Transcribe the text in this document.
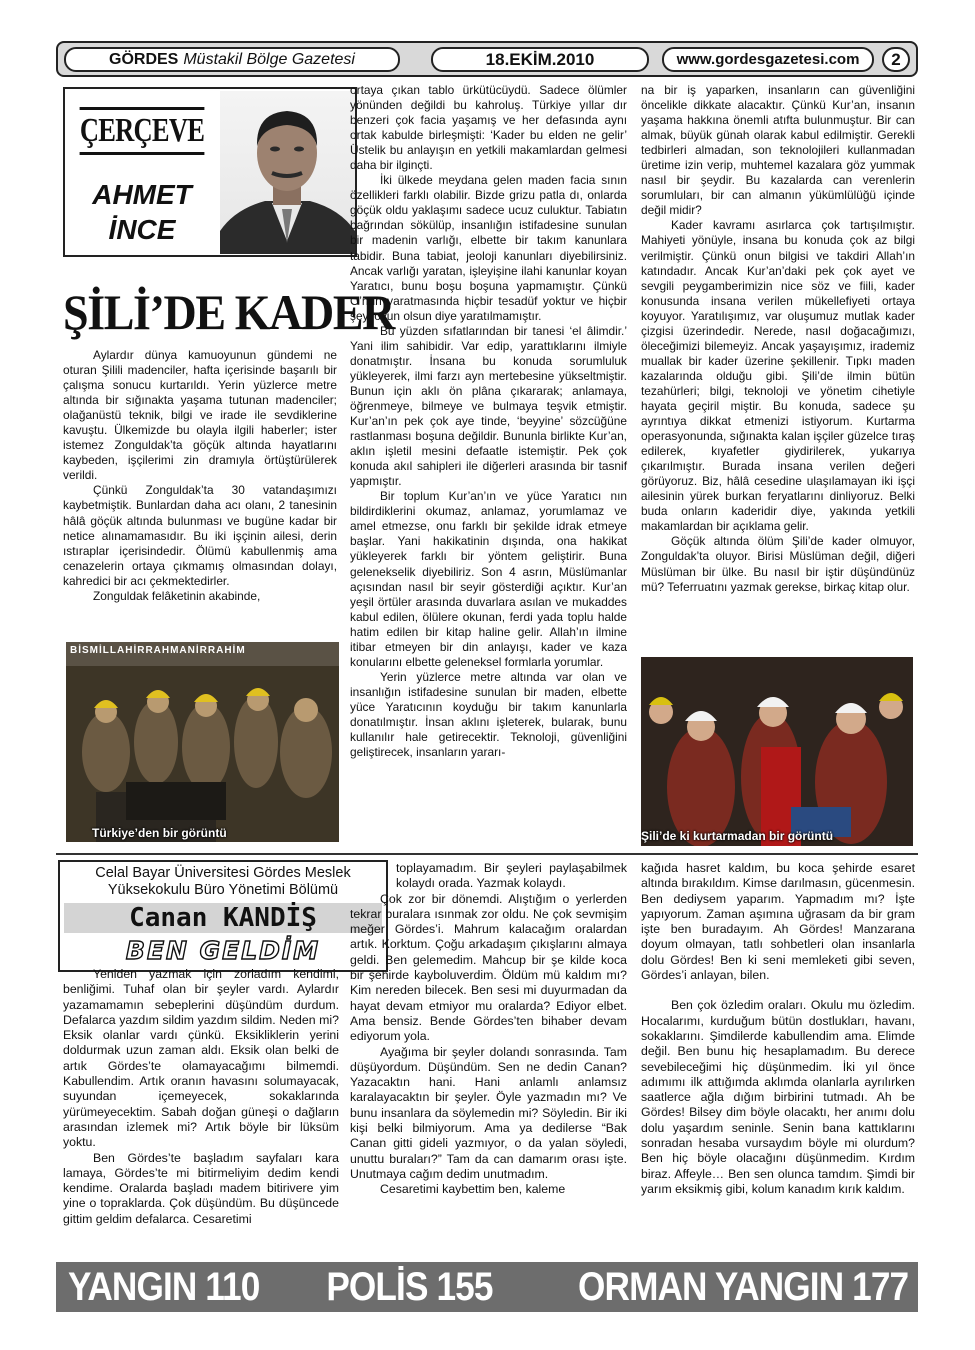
GÖRDES Müstakil Bölge Gazetesi	18.EKİM.2010	www.gordesgazetesi.com	2
ÇERÇEVE
AHMET İNCE
ŞİLİ’DE KADER

Aylardır dünya kamuoyunun gündemi ne oturan Şilili madenciler, hafta içerisinde başarılı bir çalışma sonucu kurtarıldı. Yerin yüzlerce metre altında bir sığınakta yaşama tutunan madenciler; olağanüstü teknik, bilgi ve irade ile sevdiklerine kavuştu. Ülkemizde bu olayla ilgili haberler; ister istemez Zonguldak’ta göçük altında hayatlarını kaybeden, işçilerimi zin dramıyla örtüştürülerek verildi.

Çünkü Zonguldak’ta 30 vatandaşımızı kaybetmiştik. Bunlardan daha acı olanı, 2 tanesinin hâlâ göçük altında bulunması ve bugüne kadar bir netice alınamamasıdır. Bu iki işçinin ailesi, derin ıstıraplar içerisindedir. Ölümü kabullenmiş ama cenazelerin ortaya çıkmamış olmasından dolayı, kahredici bir acı çekmektedirler.

Zonguldak felâketinin akabinde,

BİSMİLLAHİRRAHMANİRRAHİM
Türkiye’den bir görüntü

ortaya çıkan tablo ürkütücüydü. Sadece ölümler yönünden değildi bu kahroluş. Türkiye yıllar dır benzeri çok facia yaşamış ve her defasında aynı ortak kabulde birleşmişti: ‘Kader bu elden ne gelir’ Üstelik bu anlayışın en yetkili makamlardan gelmesi daha bir ilginçti.

İki ülkede meydana gelen maden facia sının özellikleri farklı olabilir. Bizde grizu patla dı, onlarda göçük oldu yaklaşımı sadece ucuz culuktur. Tabiatın bağrından sökülüp, insanlığın istifadesine sunulan bir madenin varlığı, elbette bir takım kanunlara tabidir. Buna tabiat, jeoloji kanunları diyebilirsiniz. Ancak varlığı yaratan, işleyişine ilahi kanunlar koyan Yaratıcı, bunu boşu boşuna yapmamıştır. Çünkü O’nun yaratmasında hiçbir tesadüf yoktur ve hiçbir şey, oyun olsun diye yaratılmamıştır.

Bu yüzden sıfatlarından bir tanesi ‘el âlimdir.’ Yani ilim sahibidir. Var edip, yarattıklarını ilmiyle donatmıştır. İnsana bu konuda sorumluluk yükleyerek, ilmi farzı ayn mertebesine yükseltmiştir. Bunun için aklı ön plâna çıkararak; anlamaya, öğrenmeye, bilmeye ve bulmaya teşvik etmiştir. Kur’an’ın pek çok aye tinde, ‘beyyine’ sözcüğüne rastlanması boşuna değildir. Bununla birlikte Kur’an, aklın işletil mesini defaatle istemiştir. Pek çok konuda akıl sahipleri ile diğerleri arasında bir tasnif yapmıştır.

Bir toplum Kur’an’ın ve yüce Yaratıcı nın bildirdiklerini okumaz, anlamaz, yorumlamaz ve amel etmezse, onu farklı bir şekilde idrak etmeye başlar. Yani hakikatinin dışında, ona hakikat yükleyerek farklı bir yöntem geliştirir. Buna gelenekselik diyebiliriz. Son 4 asrın, Müslümanlar açısından nasıl bir seyir gösterdiği açıktır. Kur’an yeşil örtüler arasında duvarlara asılan ve mukaddes kabul edilen, ölülere okunan, ferdi yada toplu halde hatim edilen bir kitap haline gelir. Allah’ın ilmine itibar etmeyen bir din anlayışı, kader ve kaza konularını elbette geleneksel formlarla yorumlar.

Yerin yüzlerce metre altında var olan ve insanlığın istifadesine sunulan bir maden, elbette yüce Yaratıcının koyduğu bir takım kanunlarla donatılmıştır. İnsan aklını işleterek, bularak, bunu kullanılır hale getirecektir. Teknoloji, güvenliğini geliştirecek, insanların yararı-

na bir iş yaparken, insanların can güvenliğini öncelikle dikkate alacaktır. Çünkü Kur’an, insanın yaşama hakkına önemli atıfta bulunmuştur. Bir can almak, büyük günah olarak kabul edilmiştir. Gerekli tedbirleri almadan, son teknolojileri kullanmadan üretime izin verip, muhtemel kazalara göz yummak nasıl bir şeydir. Bu kazalarda can verenlerin sorumluları, bir can almanın yükümlülüğü içinde değil midir?

Kader kavramı asırlarca çok tartışılmıştır. Mahiyeti yönüyle, insana bu konuda çok az bilgi verilmiştir. Çünkü onun bilgisi ve takdiri Allah’ın katındadır. Ancak Kur’an’daki pek çok ayet ve sevgili peygamberimizin nice söz ve fiili, kader konusunda insana verilen mükellefiyeti ortaya koyuyor. Yaratılışımız, var oluşumuz mutlak kader çizgisi üzerindedir. Nerede, nasıl doğacağımızı, öleceğimizi bilemeyiz. Ancak yaşayışımız, irademiz muallak bir kader üzerine şekillenir. Tıpkı maden kazalarında olduğu gibi. Şili’de ilmin bütün tezahürleri; bilgi, teknoloji ve yönetim cihetiyle hayata geçiril miştir. Bu konuda, sadece şu ayrıntıya dikkat etmenizi istiyorum. Kurtarma operasyonunda, sığınakta kalan işçiler güzelce tıraş edilerek, kıyafetler giydirilerek, yukarıya çıkarılmıştır. Burada insana verilen değeri görüyoruz. Biz, hâlâ cesedine ulaşılamayan iki işçi ailesinin yürek burkan feryatlarını dinliyoruz. Belki buda onların kaderidir diye, yakında yetkili makamlardan bir açıklama gelir.

Göçük altında ölüm Şili’de kader olmuyor, Zonguldak’ta oluyor. Birisi Müslüman değil, diğeri Müslüman bir ülke. Bu nasıl bir iştir düşündünüz mü? Teferruatını yazmak gerekse, birkaç kitap olur.

Şili’de ki kurtarmadan bir görüntü
Celal Bayar Üniversitesi Gördes Meslek Yüksekokulu Büro Yönetimi Bölümü
Canan KANDİŞ
BEN GELDİM

Yeniden yazmak için zorladım kendimi, benliğimi. Tuhaf olan bir şeyler vardı. Aylardır yazamamamın sebeplerini düşündüm durdum. Defalarca yazdım sildim yazdım sildim. Neden mi? Eksik olanlar vardı çünkü. Eksikliklerin yerini doldurmak uzun zaman aldı. Eksik olan belki de artık Gördes’te olamayacağımı bilmemdi. Kabullendim. Artık oranın havasını solumayacak, suyundan içemeyecek, sokaklarında yürümeyecektim. Sabah doğan güneşi o dağların arasından izlemek mi? Artık böyle bir lüksüm yoktu.

Ben Gördes’te başladım sayfaları kara lamaya, Gördes’te mi bitirmeliyim dedim kendi kendime. Oralarda başladı madem bitirivere yim yine o topraklarda. Çok düşündüm. Bu düşüncede gittim geldim defalarca. Cesaretimi

toplayamadım. Bir şeyleri paylaşabilmek kolaydı orada. Yazmak kolaydı.

Çok zor bir dönemdi. Alıştığım o yerlerden tekrar buralara ısınmak zor oldu. Ne çok sevmişim meğer Gördes’i. Mahrum kalacağım oralardan artık. Korktum. Çoğu arkadaşım çıkışlarını almaya geldi. Ben gelemedim. Mahcup bir şe kilde koca bir şehirde kayboluverdim. Öldüm mü kaldım mı? Kim nereden bilecek. Ben sesi mi duyurmadan da hayat devam etmiyor mu oralarda? Ediyor elbet. Ama bensiz. Bende Gördes’ten bihaber devam ediyorum yola.

Ayağıma bir şeyler dolandı sonrasında. Tam düşüyordum. Düşündüm. Sen ne dedin Canan? Yazacaktın hani. Hani anlamlı anlamsız karalayacaktın bir şeyler. Öyle yazmadın mı? Ve bunu insanlara da söylemedin mi? Söyledin. Bir iki kişi belki bilmiyorum. Ama ya dedilerse “Bak Canan gitti gideli yazmıyor, o da yalan söyledi, unuttu buraları?” Tam da can damarım orası işte. Unutmaya cağım dedim unutmadım.

Cesaretimi kaybettim ben, kaleme

kağıda hasret kaldım, bu koca şehirde esaret altında bırakıldım. Kimse darılmasın, gücenmesin. Ben dediysem yaparım. Yapmadım mı? İşte yapıyorum. Zaman aşımına uğrasam da bir gram işte ben buradayım. Ah Gördes! Manzarana doyum olmayan, tatlı sohbetleri olan insanlarla dolu Gördes! Ben ki seni memleketi gibi seven, Gördes’i anlayan, bilen.

Ben çok özledim oraları. Okulu mu özledim. Hocalarımı, kurduğum bütün dostlukları, havanı, sokaklarını. Şimdilerde kabullendim ama. Elimde değil. Ben bunu hiç hesaplamadım. Bu derece sevebileceğimi hiç düşünmedim. İki yıl önce adımımı ilk attığımda aklımda olanlarla ayrılırken saatlerce ağla dığım birbirini tutmadı. Ah be Gördes! Bilsey dim böyle olacaktı, her anımı dolu dolu yaşardım seninle. Senin bana kattıklarını sonradan hesaba vursaydım böyle mi olurdum? Ben hiç böyle olacağını düşünmedim. Kırdım biraz. Affeyle… Ben sen olunca tamdım. Şimdi bir yarım eksikmiş gibi, kolum kanadım kırık kaldım.

YANGIN 110 POLİS 155 ORMAN YANGIN 177
